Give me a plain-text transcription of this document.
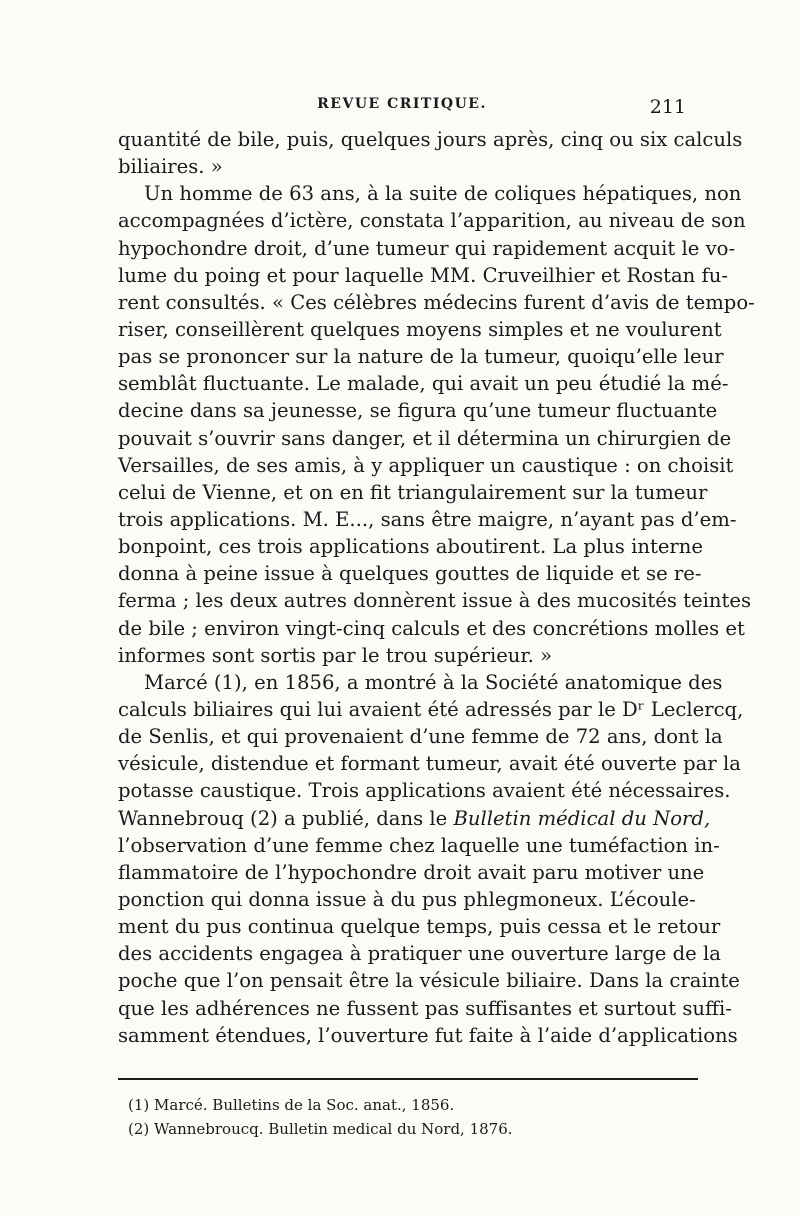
REVUE CRITIQUE.	211
quantité de bile, puis, quelques jours après, cinq ou six calculs
biliaires. »
Un homme de 63 ans, à la suite de coliques hépatiques, non
accompagnées d’ictère, constata l’apparition, au niveau de son
hypochondre droit, d’une tumeur qui rapidement acquit le vo-
lume du poing et pour laquelle MM. Cruveilhier et Rostan fu-
rent consultés. « Ces célèbres médecins furent d’avis de tempo-
riser, conseillèrent quelques moyens simples et ne voulurent
pas se prononcer sur la nature de la tumeur, quoiqu’elle leur
semblât fluctuante. Le malade, qui avait un peu étudié la mé-
decine dans sa jeunesse, se figura qu’une tumeur fluctuante
pouvait s’ouvrir sans danger, et il détermina un chirurgien de
Versailles, de ses amis, à y appliquer un caustique : on choisit
celui de Vienne, et on en fit triangulairement sur la tumeur
trois applications. M. E..., sans être maigre, n’ayant pas d’em-
bonpoint, ces trois applications aboutirent. La plus interne
donna à peine issue à quelques gouttes de liquide et se re-
ferma ; les deux autres donnèrent issue à des mucosités teintes
de bile ; environ vingt-cinq calculs et des concrétions molles et
informes sont sortis par le trou supérieur. »
Marcé (1), en 1856, a montré à la Société anatomique des
calculs biliaires qui lui avaient été adressés par le Dʳ Leclercq,
de Senlis, et qui provenaient d’une femme de 72 ans, dont la
vésicule, distendue et formant tumeur, avait été ouverte par la
potasse caustique. Trois applications avaient été nécessaires.
Wannebrouq (2) a publié, dans le Bulletin médical du Nord,
l’observation d’une femme chez laquelle une tuméfaction in-
flammatoire de l’hypochondre droit avait paru motiver une
ponction qui donna issue à du pus phlegmoneux. L’écoule-
ment du pus continua quelque temps, puis cessa et le retour
des accidents engagea à pratiquer une ouverture large de la
poche que l’on pensait être la vésicule biliaire. Dans la crainte
que les adhérences ne fussent pas suffisantes et surtout suffi-
samment étendues, l’ouverture fut faite à l’aide d’applications
(1) Marcé. Bulletins de la Soc. anat., 1856.
(2) Wannebroucq. Bulletin medical du Nord, 1876.
